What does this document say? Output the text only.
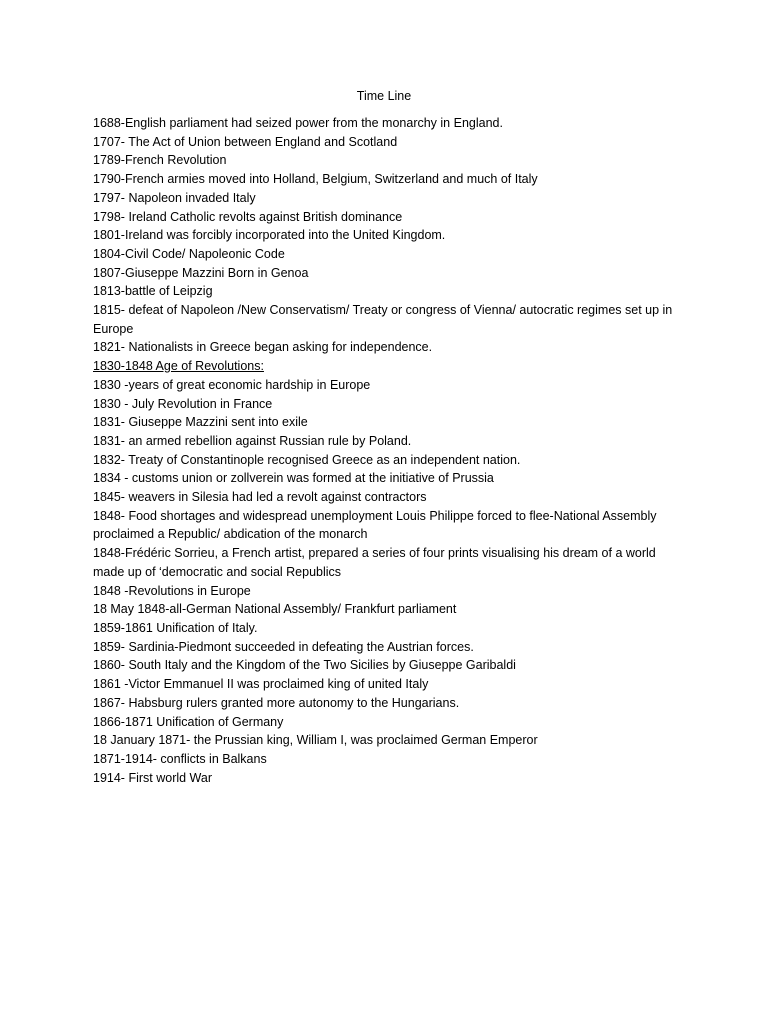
Time Line
1688-English parliament had seized power from the monarchy in England.
1707- The Act of Union between England and Scotland
1789-French Revolution
1790-French armies moved into Holland, Belgium, Switzerland and much of Italy
1797- Napoleon invaded Italy
1798- Ireland Catholic revolts against British dominance
1801-Ireland was forcibly incorporated into the United Kingdom.
1804-Civil Code/ Napoleonic Code
1807-Giuseppe Mazzini Born in Genoa
1813-battle of Leipzig
1815- defeat of Napoleon /New Conservatism/ Treaty or congress of Vienna/ autocratic regimes set up in Europe
1821- Nationalists in Greece began asking for independence.
1830-1848 Age of Revolutions:
1830 -years of great economic hardship in Europe
1830 - July Revolution in France
1831- Giuseppe Mazzini sent into exile
1831- an armed rebellion against Russian rule by Poland.
1832- Treaty of Constantinople recognised Greece as an independent nation.
1834 - customs union or zollverein was formed at the initiative of Prussia
1845- weavers in Silesia had led a revolt against contractors
1848- Food shortages and widespread unemployment Louis Philippe forced to flee-National Assembly proclaimed a Republic/ abdication of the monarch
1848-Frédéric Sorrieu, a French artist, prepared a series of four prints visualising his dream of a world made up of ‘democratic and social Republics
1848 -Revolutions in Europe
18 May 1848-all-German National Assembly/ Frankfurt parliament
1859-1861 Unification of Italy.
1859- Sardinia-Piedmont succeeded in defeating the Austrian forces.
1860- South Italy and the Kingdom of the Two Sicilies by Giuseppe Garibaldi
1861 -Victor Emmanuel II was proclaimed king of united Italy
1867- Habsburg rulers granted more autonomy to the Hungarians.
1866-1871 Unification of Germany
18 January 1871- the Prussian king, William I, was proclaimed German Emperor
1871-1914- conflicts in Balkans
1914- First world War
